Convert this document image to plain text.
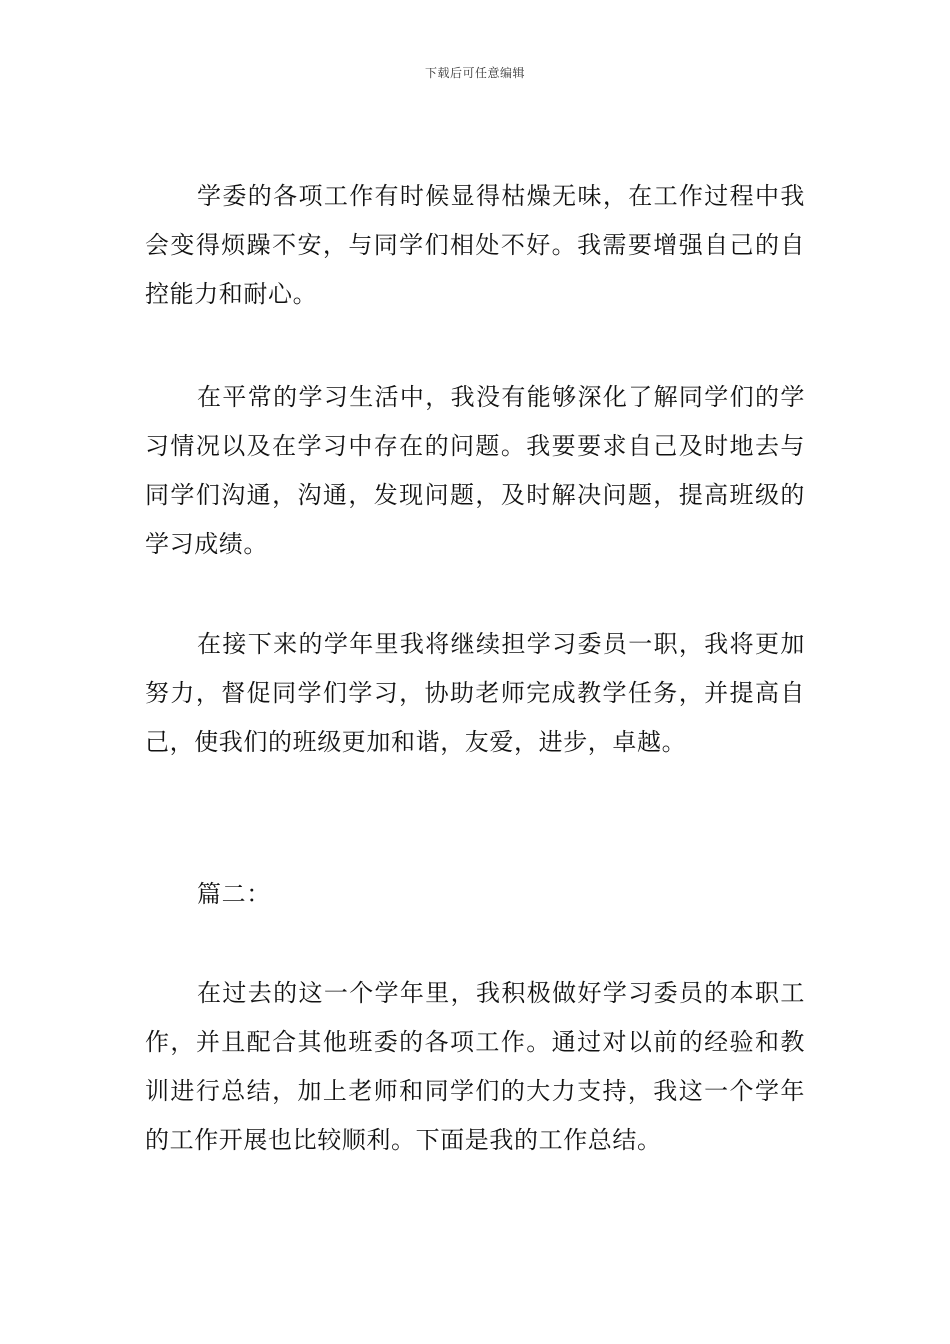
下载后可任意编辑

学委的各项工作有时候显得枯燥无味，在工作过程中我会变得烦躁不安，与同学们相处不好。我需要增强自己的自控能力和耐心。

在平常的学习生活中，我没有能够深化了解同学们的学习情况以及在学习中存在的问题。我要要求自己及时地去与同学们沟通，沟通，发现问题，及时解决问题，提高班级的学习成绩。

在接下来的学年里我将继续担学习委员一职，我将更加努力，督促同学们学习，协助老师完成教学任务，并提高自己，使我们的班级更加和谐，友爱，进步，卓越。

篇二：

在过去的这一个学年里，我积极做好学习委员的本职工作，并且配合其他班委的各项工作。通过对以前的经验和教训进行总结，加上老师和同学们的大力支持，我这一个学年的工作开展也比较顺利。下面是我的工作总结。
